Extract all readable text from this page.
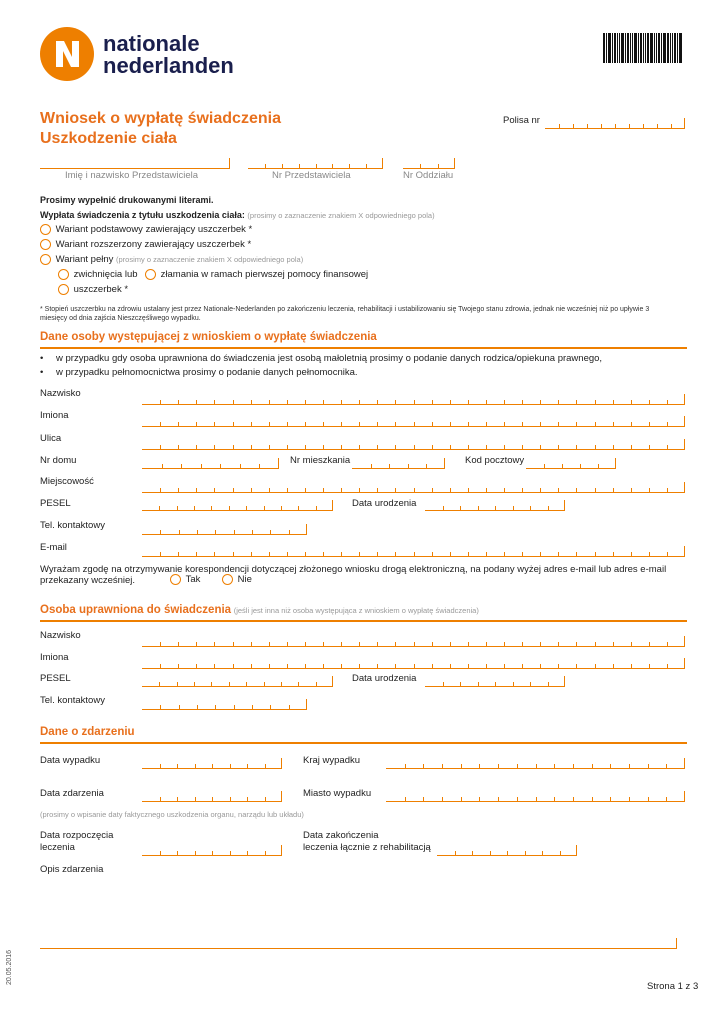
nationale
nederlanden
Wniosek o wypłatę świadczenia
Uszkodzenie ciała
Polisa nr
Imię i nazwisko Przedstawiciela	Nr Przedstawiciela	Nr Oddziału
Prosimy wypełnić drukowanymi literami.
Wypłata świadczenia z tytułu uszkodzenia ciała: (prosimy o zaznaczenie znakiem X odpowiedniego pola)
Wariant podstawowy zawierający uszczerbek *
Wariant rozszerzony zawierający uszczerbek *
Wariant pełny (prosimy o zaznaczenie znakiem X odpowiedniego pola)
zwichnięcia lub	złamania w ramach pierwszej pomocy finansowej
uszczerbek *
* Stopień uszczerbku na zdrowiu ustalany jest przez Nationale-Nederlanden po zakończeniu leczenia, rehabilitacji i ustabilizowaniu się Twojego stanu zdrowia, jednak nie wcześniej niż po upływie 3 miesięcy od dnia zajścia Nieszczęśliwego wypadku.
Dane osoby występującej z wnioskiem o wypłatę świadczenia
• w przypadku gdy osoba uprawniona do świadczenia jest osobą małoletnią prosimy o podanie danych rodzica/opiekuna prawnego,
• w przypadku pełnomocnictwa prosimy o podanie danych pełnomocnika.
Nazwisko
Imiona
Ulica
Nr domu	Nr mieszkania	Kod pocztowy
Miejscowość
PESEL	Data urodzenia
Tel. kontaktowy
E-mail
Wyrażam zgodę na otrzymywanie korespondencji dotyczącej złożonego wniosku drogą elektroniczną, na podany wyżej adres e-mail lub adres e-mail przekazany wcześniej.	Tak	Nie
Osoba uprawniona do świadczenia (jeśli jest inna niż osoba występująca z wnioskiem o wypłatę świadczenia)
Nazwisko
Imiona
PESEL	Data urodzenia
Tel. kontaktowy
Dane o zdarzeniu
Data wypadku	Kraj wypadku
Data zdarzenia	Miasto wypadku
(prosimy o wpisanie daty faktycznego uszkodzenia organu, narządu lub układu)
Data rozpoczęcia
leczenia
Data zakończenia
leczenia łącznie z rehabilitacją
Opis zdarzenia
20.05.2016
Strona 1 z 3
